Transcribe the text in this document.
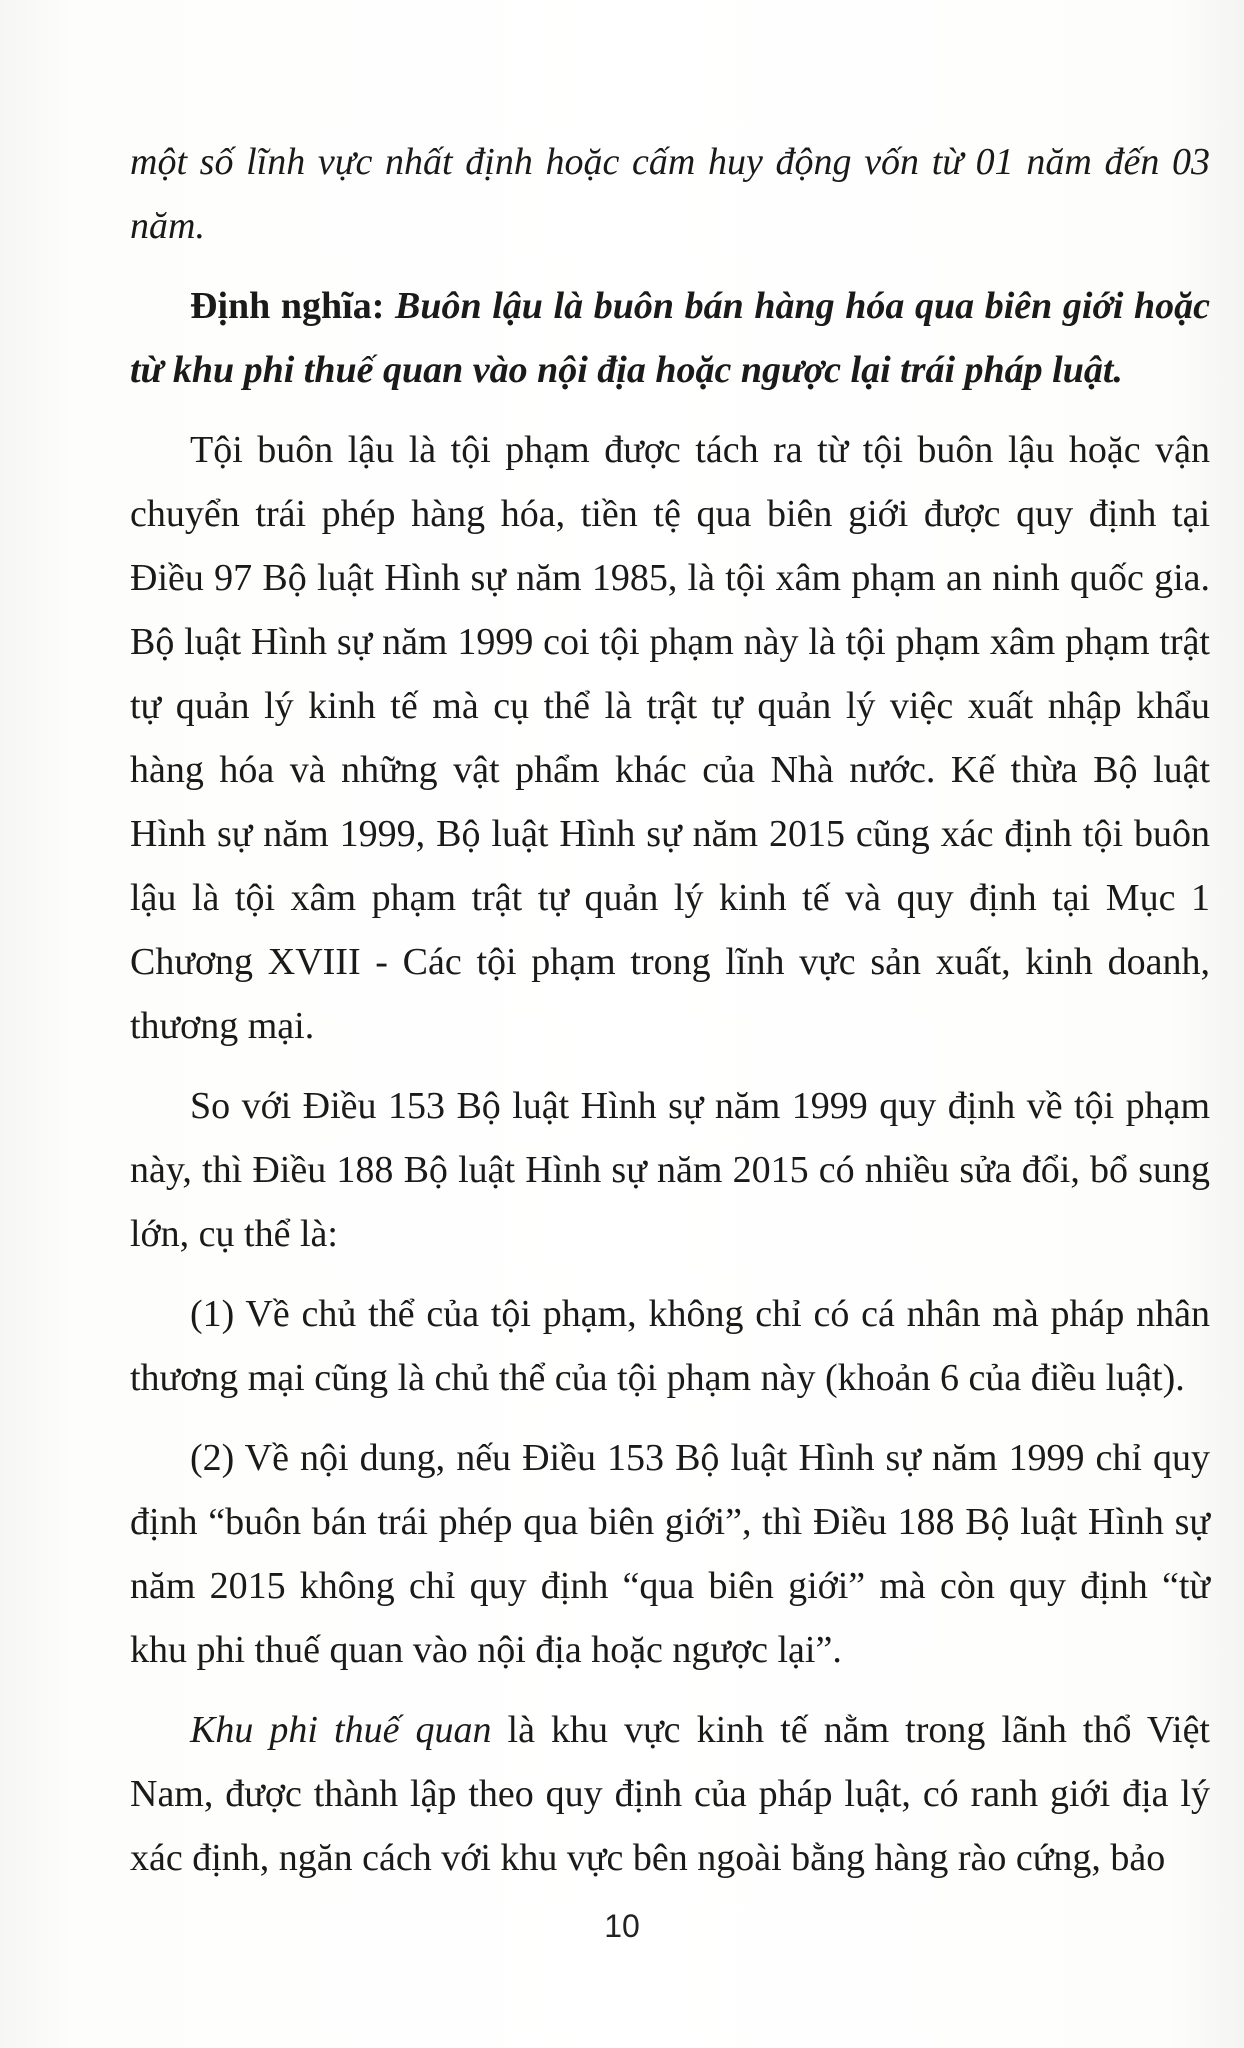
một số lĩnh vực nhất định hoặc cấm huy động vốn từ 01 năm đến 03 năm.

Định nghĩa: Buôn lậu là buôn bán hàng hóa qua biên giới hoặc từ khu phi thuế quan vào nội địa hoặc ngược lại trái pháp luật.

Tội buôn lậu là tội phạm được tách ra từ tội buôn lậu hoặc vận chuyển trái phép hàng hóa, tiền tệ qua biên giới được quy định tại Điều 97 Bộ luật Hình sự năm 1985, là tội xâm phạm an ninh quốc gia. Bộ luật Hình sự năm 1999 coi tội phạm này là tội phạm xâm phạm trật tự quản lý kinh tế mà cụ thể là trật tự quản lý việc xuất nhập khẩu hàng hóa và những vật phẩm khác của Nhà nước. Kế thừa Bộ luật Hình sự năm 1999, Bộ luật Hình sự năm 2015 cũng xác định tội buôn lậu là tội xâm phạm trật tự quản lý kinh tế và quy định tại Mục 1 Chương XVIII - Các tội phạm trong lĩnh vực sản xuất, kinh doanh, thương mại.

So với Điều 153 Bộ luật Hình sự năm 1999 quy định về tội phạm này, thì Điều 188 Bộ luật Hình sự năm 2015 có nhiều sửa đổi, bổ sung lớn, cụ thể là:

(1) Về chủ thể của tội phạm, không chỉ có cá nhân mà pháp nhân thương mại cũng là chủ thể của tội phạm này (khoản 6 của điều luật).

(2) Về nội dung, nếu Điều 153 Bộ luật Hình sự năm 1999 chỉ quy định “buôn bán trái phép qua biên giới”, thì Điều 188 Bộ luật Hình sự năm 2015 không chỉ quy định “qua biên giới” mà còn quy định “từ khu phi thuế quan vào nội địa hoặc ngược lại”.

Khu phi thuế quan là khu vực kinh tế nằm trong lãnh thổ Việt Nam, được thành lập theo quy định của pháp luật, có ranh giới địa lý xác định, ngăn cách với khu vực bên ngoài bằng hàng rào cứng, bảo

10
